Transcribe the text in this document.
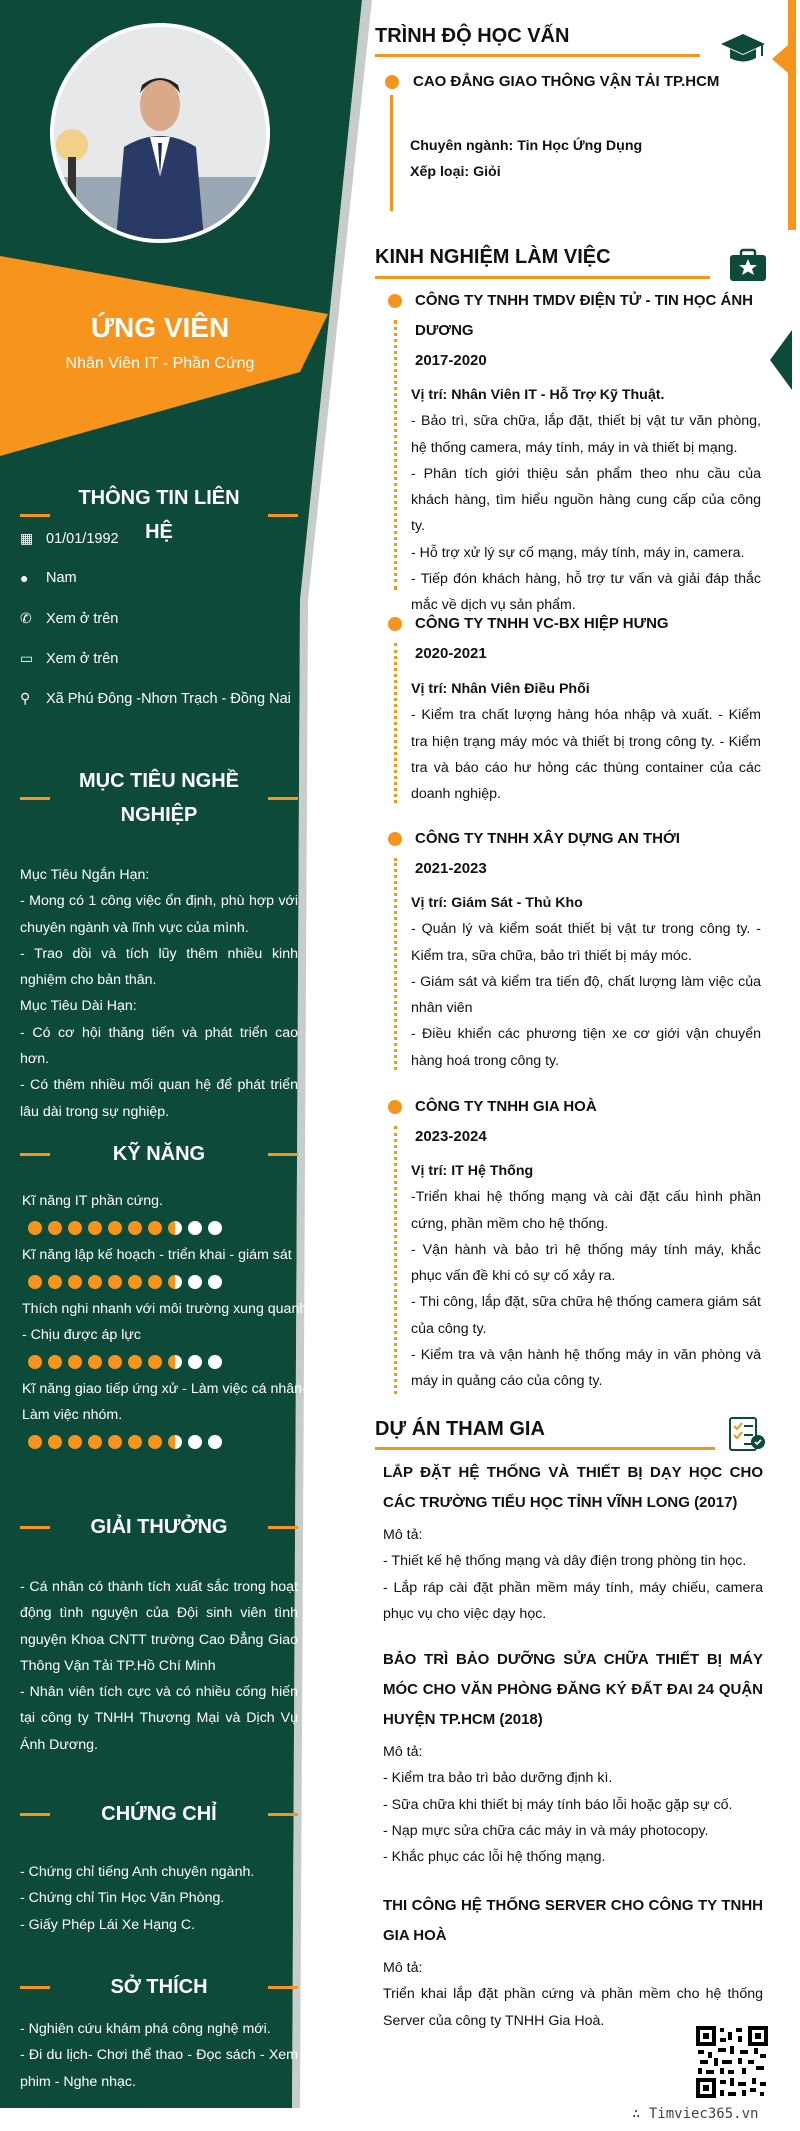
ỨNG VIÊN
Nhân Viên IT - Phần Cứng
THÔNG TIN LIÊN HỆ
▦ 01/01/1992
●	Nam
✆ Xem ở trên
▭ Xem ở trên
⚲	Xã Phú Đông -Nhơn Trạch - Đồng Nai
MỤC TIÊU NGHỀ
NGHIỆP
Mục Tiêu Ngắn Hạn:
- Mong có 1 công việc ổn định, phù hợp với chuyên ngành và lĩnh vực của mình.
- Trao dồi và tích lũy thêm nhiều kinh nghiệm cho bản thân.
Mục Tiêu Dài Hạn:
- Có cơ hội thăng tiến và phát triển cao hơn.
- Có thêm nhiều mối quan hệ để phát triển lâu dài trong sự nghiệp.
KỸ NĂNG
Kĩ năng IT phần cứng.
Kĩ năng lập kế hoạch - triển khai - giám sát
Thích nghi nhanh với môi trường xung quanh - Chịu được áp lực
Kĩ năng giao tiếp ứng xử - Làm việc cá nhân-Làm việc nhóm.
GIẢI THƯỞNG
- Cá nhân có thành tích xuất sắc trong hoạt động tình nguyện của Đội sinh viên tình nguyện Khoa CNTT trường Cao Đẳng Giao Thông Vận Tải TP.Hồ Chí Minh
- Nhân viên tích cực và có nhiều cống hiến tại công ty TNHH Thương Mại và Dịch Vụ Ánh Dương.
CHỨNG CHỈ
- Chứng chỉ tiếng Anh chuyên ngành.
- Chứng chỉ Tin Học Văn Phòng.
- Giấy Phép Lái Xe Hạng C.
SỞ THÍCH
- Nghiên cứu khám phá công nghệ mới.
- Đi du lịch- Chơi thể thao - Đọc sách - Xem phim - Nghe nhạc.
TRÌNH ĐỘ HỌC VẤN
CAO ĐẲNG GIAO THÔNG VẬN TẢI TP.HCM
Chuyên ngành: Tin Học Ứng Dụng
Xếp loại: Giỏi
KINH NGHIỆM LÀM VIỆC
CÔNG TY TNHH TMDV ĐIỆN TỬ - TIN HỌC ÁNH
DƯƠNG
2017-2020
Vị trí: Nhân Viên IT - Hỗ Trợ Kỹ Thuật.
- Bảo trì, sữa chữa, lắp đặt, thiết bị vật tư văn phòng, hệ thống camera, máy tính, máy in và thiết bị mạng.
- Phân tích giới thiệu sản phẩm theo nhu cầu của khách hàng, tìm hiểu nguồn hàng cung cấp của công ty.
- Hỗ trợ xử lý sự cố mạng, máy tính, máy in, camera.
- Tiếp đón khách hàng, hỗ trợ tư vấn và giải đáp thắc mắc về dịch vụ sản phẩm.
CÔNG TY TNHH VC-BX HIỆP HƯNG
2020-2021
Vị trí: Nhân Viên Điều Phối
- Kiểm tra chất lượng hàng hóa nhập và xuất. - Kiểm tra hiện trạng máy móc và thiết bị trong công ty. - Kiểm tra và báo cáo hư hỏng các thùng container của các doanh nghiệp.
CÔNG TY TNHH XÂY DỰNG AN THỚI
2021-2023
Vị trí: Giám Sát - Thủ Kho
- Quản lý và kiểm soát thiết bị vật tư trong công ty. - Kiểm tra, sữa chữa, bảo trì thiết bị máy móc.
- Giám sát và kiểm tra tiến độ, chất lượng làm việc của nhân viên
- Điều khiển các phương tiện xe cơ giới vận chuyển hàng hoá trong công ty.
CÔNG TY TNHH GIA HOÀ
2023-2024
Vị trí: IT Hệ Thống
-Triển khai hệ thống mạng và cài đặt cấu hình phần cứng, phần mềm cho hệ thống.
- Vận hành và bảo trì hệ thống máy tính máy, khắc phục vấn đề khi có sự cố xảy ra.
- Thi công, lắp đặt, sữa chữa hệ thống camera giám sát của công ty.
- Kiểm tra và vận hành hệ thống máy in văn phòng và máy in quảng cáo của công ty.
DỰ ÁN THAM GIA
LẮP ĐẶT HỆ THỐNG VÀ THIẾT BỊ DẠY HỌC CHO CÁC TRƯỜNG TIỂU HỌC TỈNH VĨNH LONG (2017)
Mô tả:
- Thiết kế hệ thống mạng và dây điện trong phòng tin học.
- Lắp ráp cài đặt phần mềm máy tính, máy chiếu, camera phục vụ cho việc dạy học.
BẢO TRÌ BẢO DƯỠNG SỬA CHỮA THIẾT BỊ MÁY MÓC CHO VĂN PHÒNG ĐĂNG KÝ ĐẤT ĐAI 24 QUẬN HUYỆN TP.HCM (2018)
Mô tả:
- Kiểm tra bảo trì bảo dưỡng định kì.
- Sữa chữa khi thiết bị máy tính báo lỗi hoặc gặp sự cố.
- Nạp mực sửa chữa các máy in và máy photocopy.
- Khắc phục các lỗi hệ thống mạng.
THI CÔNG HỆ THỐNG SERVER CHO CÔNG TY TNHH GIA HOÀ
Mô tả:
Triển khai lắp đặt phần cứng và phần mềm cho hệ thống Server của công ty TNHH Gia Hoà.
∴ Timviec365.vn
